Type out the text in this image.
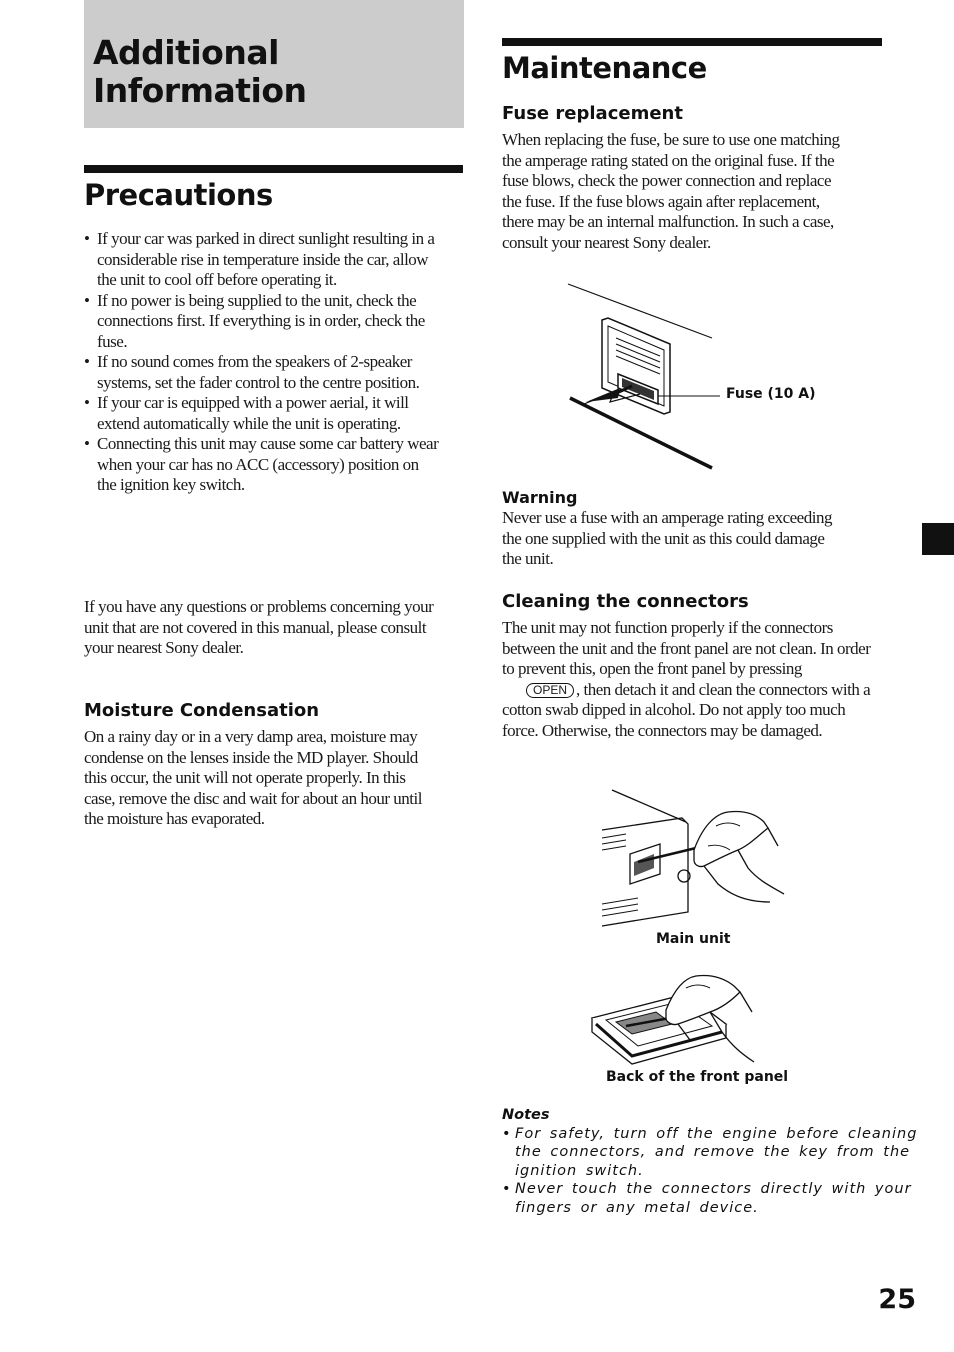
Additional Information
Precautions
• If your car was parked in direct sunlight resulting in a considerable rise in temperature inside the car, allow the unit to cool off before operating it.
• If no power is being supplied to the unit, check the connections first. If everything is in order, check the fuse.
• If no sound comes from the speakers of 2-speaker systems, set the fader control to the centre position.
• If your car is equipped with a power aerial, it will extend automatically while the unit is operating.
• Connecting this unit may cause some car battery wear when your car has no ACC (accessory) position on the ignition key switch.

If you have any questions or problems concerning your unit that are not covered in this manual, please consult your nearest Sony dealer.

Moisture Condensation

On a rainy day or in a very damp area, moisture may condense on the lenses inside the MD player. Should this occur, the unit will not operate properly. In this case, remove the disc and wait for about an hour until the moisture has evaporated.

Maintenance
Fuse replacement

When replacing the fuse, be sure to use one matching the amperage rating stated on the original fuse. If the fuse blows, check the power connection and replace the fuse. If the fuse blows again after replacement, there may be an internal malfunction. In such a case, consult your nearest Sony dealer.

Fuse (10 A)
Warning

Never use a fuse with an amperage rating exceeding the one supplied with the unit as this could damage the unit.

Cleaning the connectors

The unit may not function properly if the connectors between the unit and the front panel are not clean. In order to prevent this, open the front panel by pressing OPEN , then detach it and clean the connectors with a cotton swab dipped in alcohol. Do not apply too much force. Otherwise, the connectors may be damaged.

Main unit
Back of the front panel
Notes
• For safety, turn off the engine before cleaning the connectors, and remove the key from the ignition switch.
• Never touch the connectors directly with your fingers or any metal device.
25
